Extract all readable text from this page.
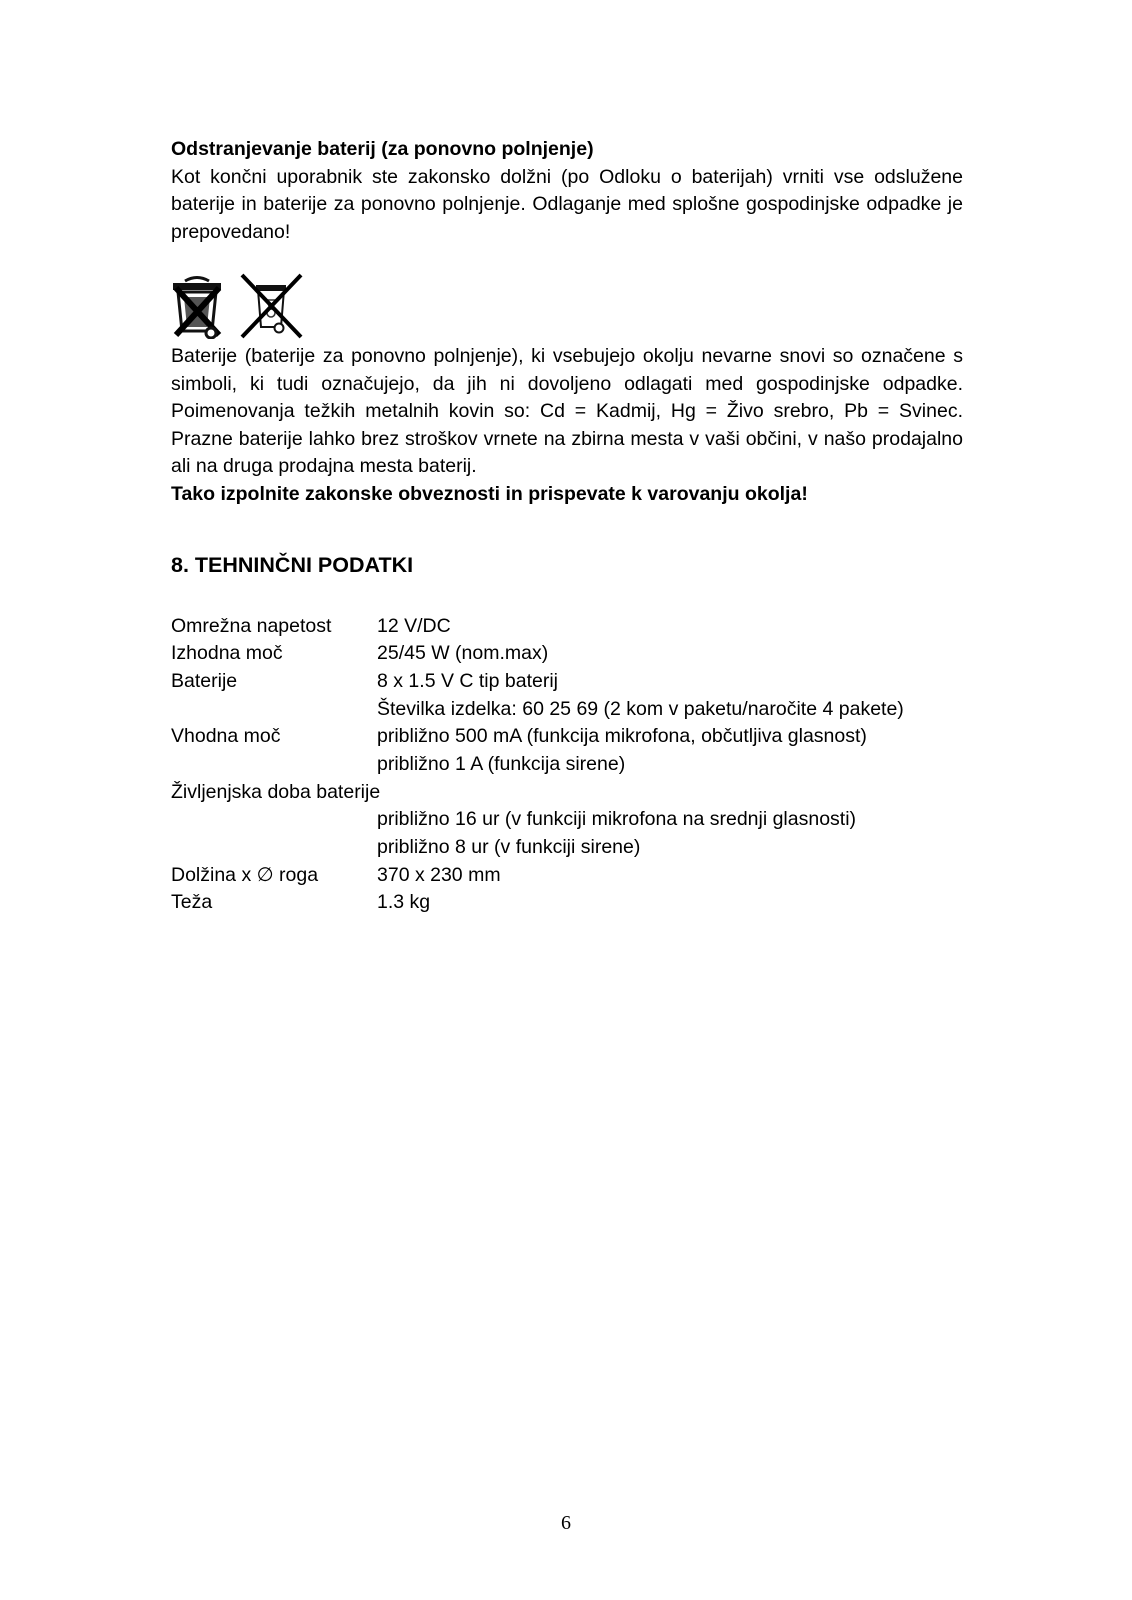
Odstranjevanje baterij (za ponovno polnjenje)

Kot končni uporabnik ste zakonsko dolžni (po Odloku o baterijah) vrniti vse odslužene baterije in baterije za ponovno polnjenje. Odlaganje med splošne gospodinjske odpadke je prepovedano!

Baterije (baterije za ponovno polnjenje), ki vsebujejo okolju nevarne snovi so označene s simboli, ki tudi označujejo, da jih ni dovoljeno odlagati med gospodinjske odpadke. Poimenovanja težkih metalnih kovin so: Cd = Kadmij, Hg = Živo srebro, Pb = Svinec. Prazne baterije lahko brez stroškov vrnete na zbirna mesta v vaši občini, v našo prodajalno ali na druga prodajna mesta baterij.

Tako izpolnite zakonske obveznosti in prispevate k varovanju okolja!

8. TEHNINČNI PODATKI
Omrežna napetost	12 V/DC
Izhodna moč	25/45 W (nom.max)
Baterije	8 x 1.5 V C tip baterij
	Številka izdelka: 60 25 69 (2 kom v paketu/naročite 4 pakete)
Vhodna moč	približno 500 mA (funkcija mikrofona, občutljiva glasnost)
	približno 1 A (funkcija sirene)
Življenjska doba baterije	
	približno 16 ur (v funkciji mikrofona na srednji glasnosti)
	približno 8 ur (v funkciji sirene)
Dolžina x ∅ roga	370 x 230 mm
Teža	1.3 kg
6
